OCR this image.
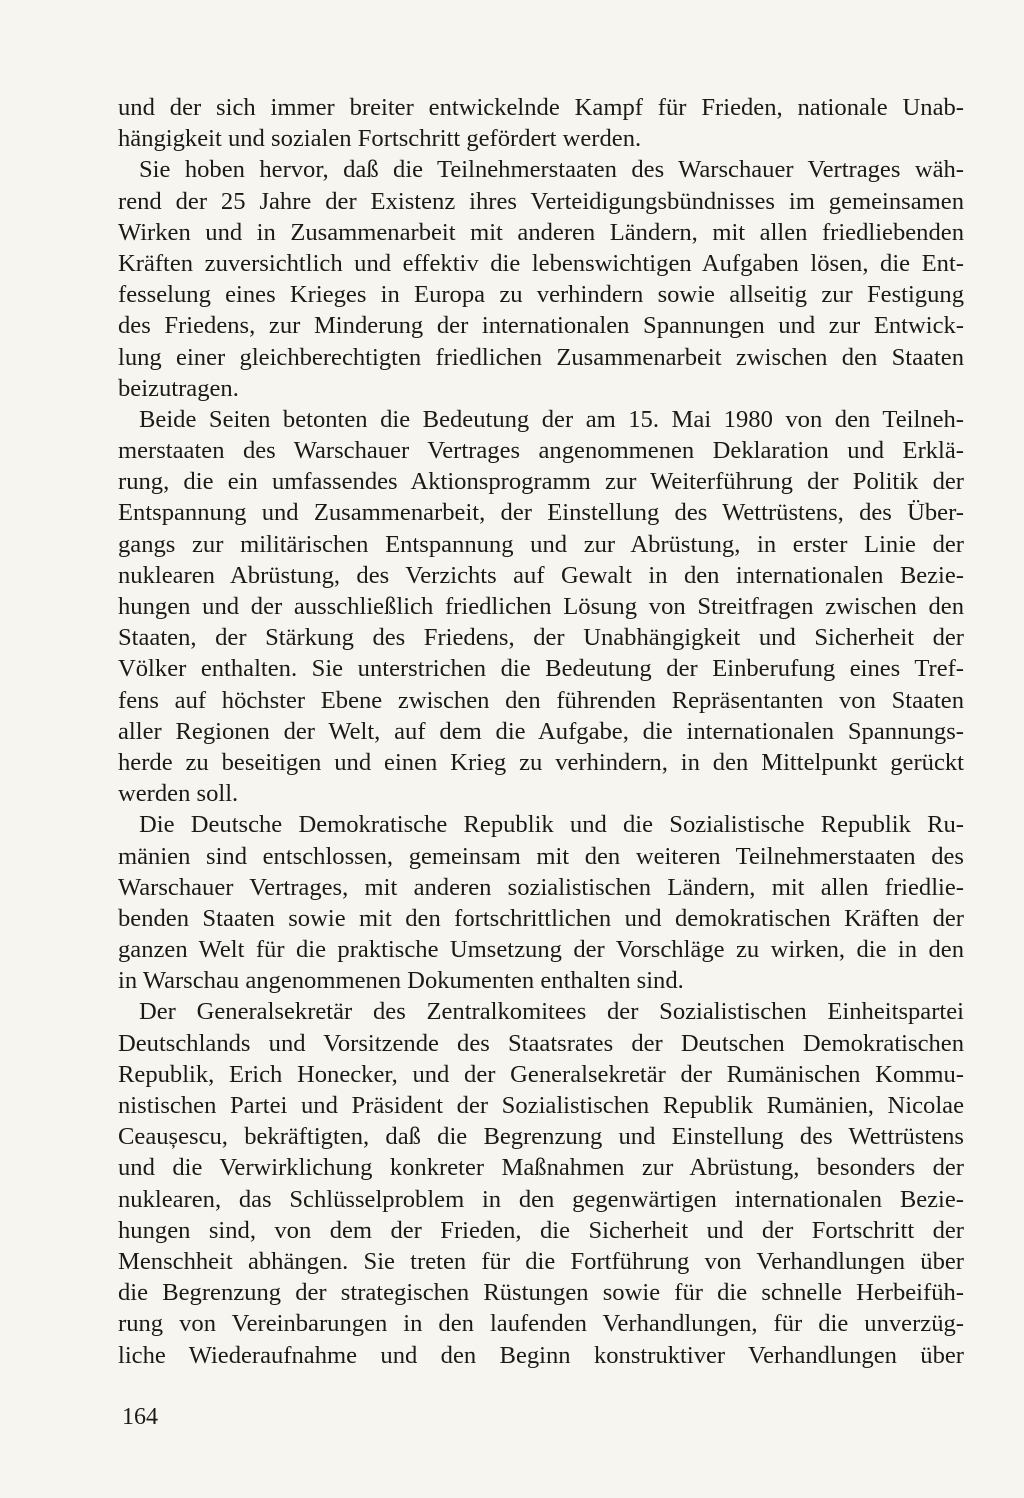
und der sich immer breiter entwickelnde Kampf für Frieden, nationale Unab-
hängigkeit und sozialen Fortschritt gefördert werden.
Sie hoben hervor, daß die Teilnehmerstaaten des Warschauer Vertrages wäh-
rend der 25 Jahre der Existenz ihres Verteidigungsbündnisses im gemeinsamen
Wirken und in Zusammenarbeit mit anderen Ländern, mit allen friedliebenden
Kräften zuversichtlich und effektiv die lebenswichtigen Aufgaben lösen, die Ent-
fesselung eines Krieges in Europa zu verhindern sowie allseitig zur Festigung
des Friedens, zur Minderung der internationalen Spannungen und zur Entwick-
lung einer gleichberechtigten friedlichen Zusammenarbeit zwischen den Staaten
beizutragen.
Beide Seiten betonten die Bedeutung der am 15. Mai 1980 von den Teilneh-
merstaaten des Warschauer Vertrages angenommenen Deklaration und Erklä-
rung, die ein umfassendes Aktionsprogramm zur Weiterführung der Politik der
Entspannung und Zusammenarbeit, der Einstellung des Wettrüstens, des Über-
gangs zur militärischen Entspannung und zur Abrüstung, in erster Linie der
nuklearen Abrüstung, des Verzichts auf Gewalt in den internationalen Bezie-
hungen und der ausschließlich friedlichen Lösung von Streitfragen zwischen den
Staaten, der Stärkung des Friedens, der Unabhängigkeit und Sicherheit der
Völker enthalten. Sie unterstrichen die Bedeutung der Einberufung eines Tref-
fens auf höchster Ebene zwischen den führenden Repräsentanten von Staaten
aller Regionen der Welt, auf dem die Aufgabe, die internationalen Spannungs-
herde zu beseitigen und einen Krieg zu verhindern, in den Mittelpunkt gerückt
werden soll.
Die Deutsche Demokratische Republik und die Sozialistische Republik Ru-
mänien sind entschlossen, gemeinsam mit den weiteren Teilnehmerstaaten des
Warschauer Vertrages, mit anderen sozialistischen Ländern, mit allen friedlie-
benden Staaten sowie mit den fortschrittlichen und demokratischen Kräften der
ganzen Welt für die praktische Umsetzung der Vorschläge zu wirken, die in den
in Warschau angenommenen Dokumenten enthalten sind.
Der Generalsekretär des Zentralkomitees der Sozialistischen Einheitspartei
Deutschlands und Vorsitzende des Staatsrates der Deutschen Demokratischen
Republik, Erich Honecker, und der Generalsekretär der Rumänischen Kommu-
nistischen Partei und Präsident der Sozialistischen Republik Rumänien, Nicolae
Ceaușescu, bekräftigten, daß die Begrenzung und Einstellung des Wettrüstens
und die Verwirklichung konkreter Maßnahmen zur Abrüstung, besonders der
nuklearen, das Schlüsselproblem in den gegenwärtigen internationalen Bezie-
hungen sind, von dem der Frieden, die Sicherheit und der Fortschritt der
Menschheit abhängen. Sie treten für die Fortführung von Verhandlungen über
die Begrenzung der strategischen Rüstungen sowie für die schnelle Herbeifüh-
rung von Vereinbarungen in den laufenden Verhandlungen, für die unverzüg-
liche Wiederaufnahme und den Beginn konstruktiver Verhandlungen über
164
